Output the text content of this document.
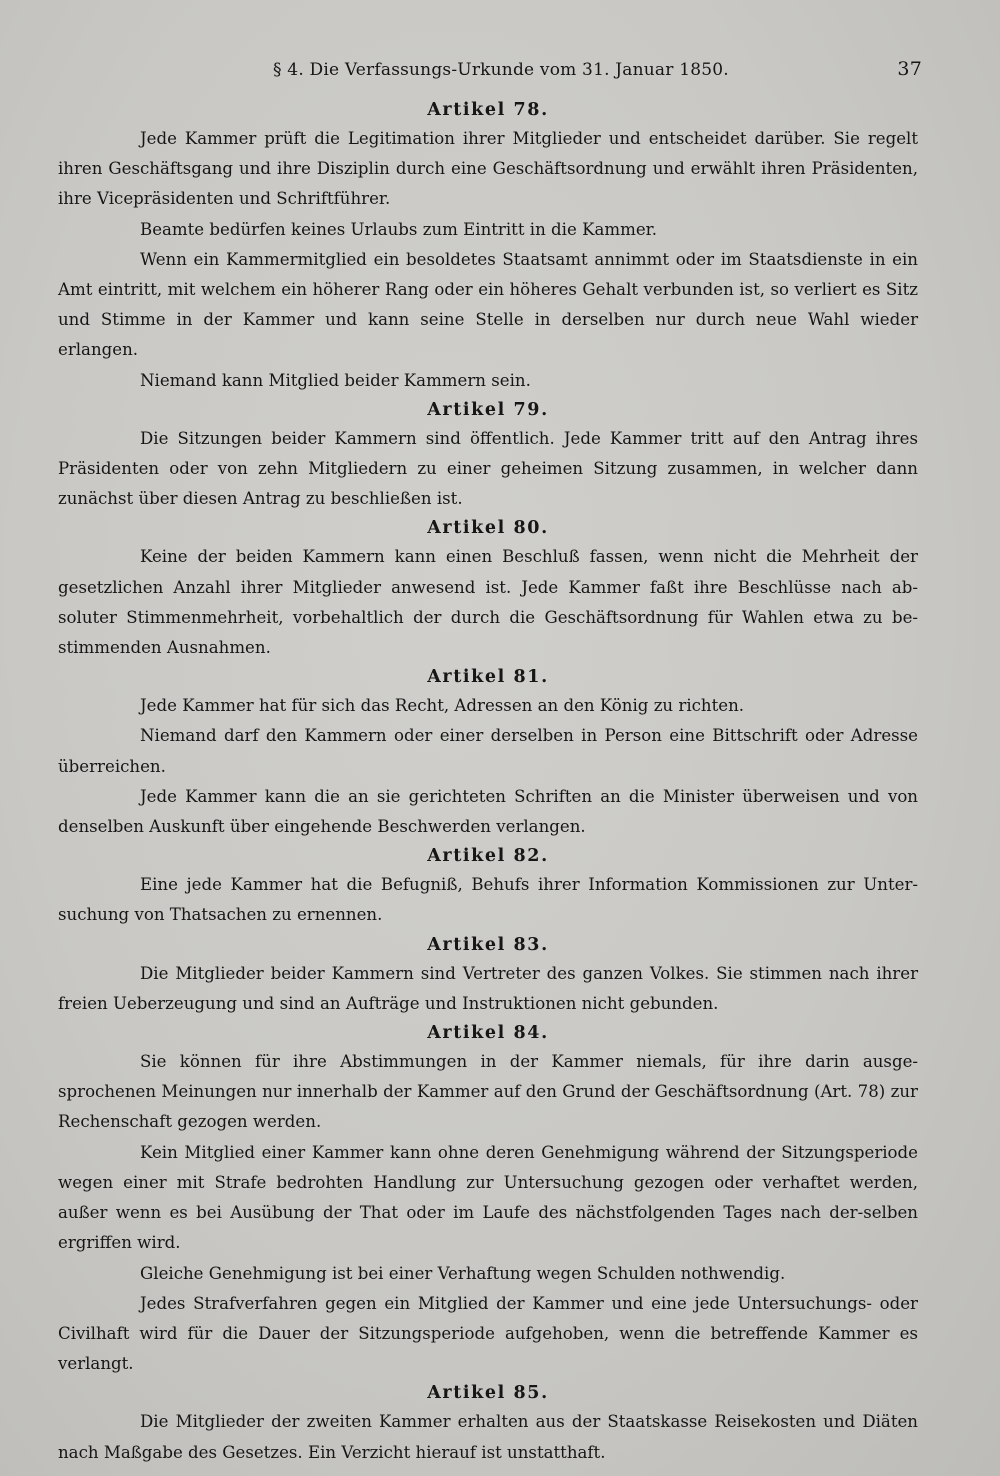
§ 4. Die Verfassungs-Urkunde vom 31. Januar 1850.	37
Artikel 78.

Jede Kammer prüft die Legitimation ihrer Mitglieder und entscheidet darüber. Sie regelt ihren Geschäftsgang und ihre Disziplin durch eine Geschäftsordnung und erwählt ihren Präsidenten, ihre Vicepräsidenten und Schriftführer.

Beamte bedürfen keines Urlaubs zum Eintritt in die Kammer.

Wenn ein Kammermitglied ein besoldetes Staatsamt annimmt oder im Staatsdienste in ein Amt eintritt, mit welchem ein höherer Rang oder ein höheres Gehalt verbunden ist, so verliert es Sitz und Stimme in der Kammer und kann seine Stelle in derselben nur durch neue Wahl wieder erlangen.

Niemand kann Mitglied beider Kammern sein.

Artikel 79.

Die Sitzungen beider Kammern sind öffentlich. Jede Kammer tritt auf den Antrag ihres Präsidenten oder von zehn Mitgliedern zu einer geheimen Sitzung zusammen, in welcher dann zunächst über diesen Antrag zu beschließen ist.

Artikel 80.

Keine der beiden Kammern kann einen Beschluß fassen, wenn nicht die Mehrheit der gesetzlichen Anzahl ihrer Mitglieder anwesend ist. Jede Kammer faßt ihre Beschlüsse nach ab-soluter Stimmenmehrheit, vorbehaltlich der durch die Geschäftsordnung für Wahlen etwa zu be-stimmenden Ausnahmen.

Artikel 81.

Jede Kammer hat für sich das Recht, Adressen an den König zu richten.

Niemand darf den Kammern oder einer derselben in Person eine Bittschrift oder Adresse überreichen.

Jede Kammer kann die an sie gerichteten Schriften an die Minister überweisen und von denselben Auskunft über eingehende Beschwerden verlangen.

Artikel 82.

Eine jede Kammer hat die Befugniß, Behufs ihrer Information Kommissionen zur Unter-suchung von Thatsachen zu ernennen.

Artikel 83.

Die Mitglieder beider Kammern sind Vertreter des ganzen Volkes. Sie stimmen nach ihrer freien Ueberzeugung und sind an Aufträge und Instruktionen nicht gebunden.

Artikel 84.

Sie können für ihre Abstimmungen in der Kammer niemals, für ihre darin ausge-sprochenen Meinungen nur innerhalb der Kammer auf den Grund der Geschäftsordnung (Art. 78) zur Rechenschaft gezogen werden.

Kein Mitglied einer Kammer kann ohne deren Genehmigung während der Sitzungsperiode wegen einer mit Strafe bedrohten Handlung zur Untersuchung gezogen oder verhaftet werden, außer wenn es bei Ausübung der That oder im Laufe des nächstfolgenden Tages nach der-selben ergriffen wird.

Gleiche Genehmigung ist bei einer Verhaftung wegen Schulden nothwendig.

Jedes Strafverfahren gegen ein Mitglied der Kammer und eine jede Untersuchungs- oder Civilhaft wird für die Dauer der Sitzungsperiode aufgehoben, wenn die betreffende Kammer es verlangt.

Artikel 85.

Die Mitglieder der zweiten Kammer erhalten aus der Staatskasse Reisekosten und Diäten nach Maßgabe des Gesetzes. Ein Verzicht hierauf ist unstatthaft.
